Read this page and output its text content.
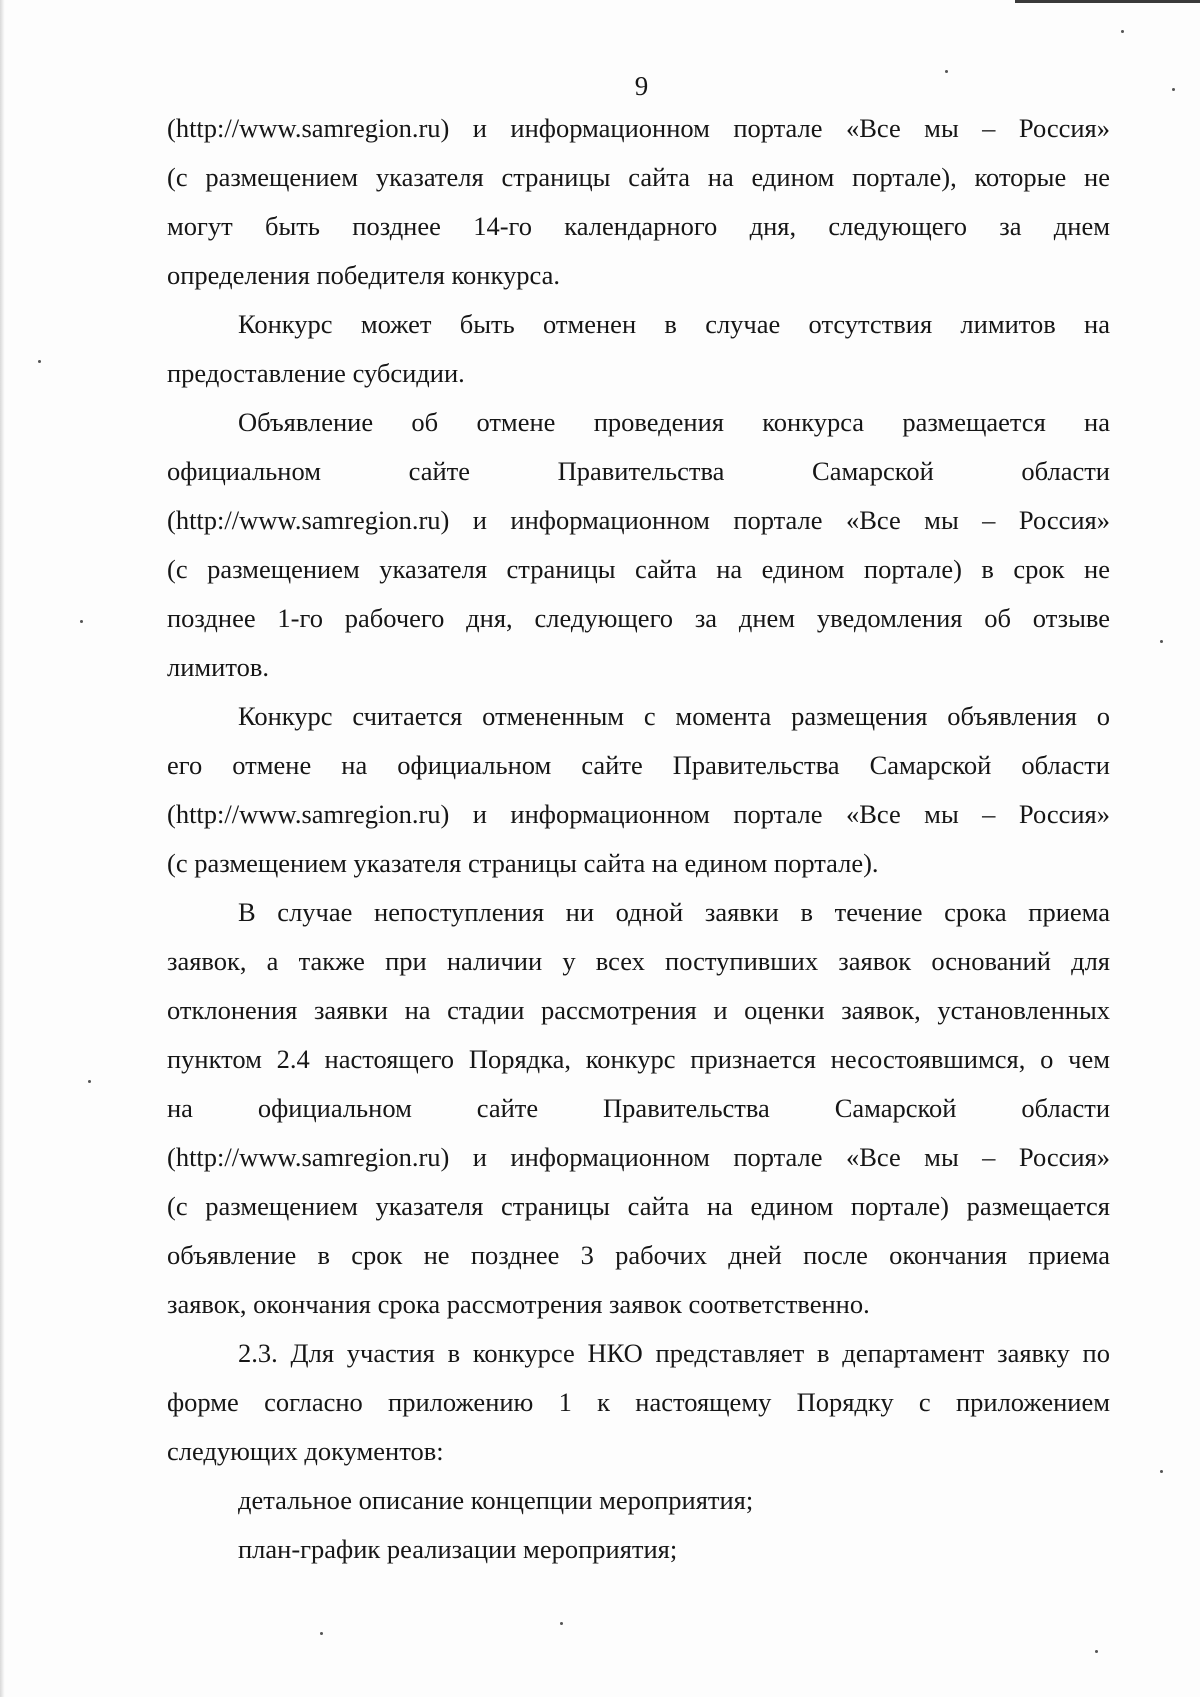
9
(http://www.samregion.ru) и информационном портале «Все мы – Россия»
(с размещением указателя страницы сайта на едином портале), которые не
могут быть позднее 14-го календарного дня, следующего за днем
определения победителя конкурса.
Конкурс может быть отменен в случае отсутствия лимитов на
предоставление субсидии.
Объявление об отмене проведения конкурса размещается на
официальном сайте Правительства Самарской области
(http://www.samregion.ru) и информационном портале «Все мы – Россия»
(с размещением указателя страницы сайта на едином портале) в срок не
позднее 1-го рабочего дня, следующего за днем уведомления об отзыве
лимитов.
Конкурс считается отмененным с момента размещения объявления о
его отмене на официальном сайте Правительства Самарской области
(http://www.samregion.ru) и информационном портале «Все мы – Россия»
(с размещением указателя страницы сайта на едином портале).
В случае непоступления ни одной заявки в течение срока приема
заявок, а также при наличии у всех поступивших заявок оснований для
отклонения заявки на стадии рассмотрения и оценки заявок, установленных
пунктом 2.4 настоящего Порядка, конкурс признается несостоявшимся, о чем
на официальном сайте Правительства Самарской области
(http://www.samregion.ru) и информационном портале «Все мы – Россия»
(с размещением указателя страницы сайта на едином портале) размещается
объявление в срок не позднее 3 рабочих дней после окончания приема
заявок, окончания срока рассмотрения заявок соответственно.
2.3. Для участия в конкурсе НКО представляет в департамент заявку по
форме согласно приложению 1 к настоящему Порядку с приложением
следующих документов:
детальное описание концепции мероприятия;
план-график реализации мероприятия;
